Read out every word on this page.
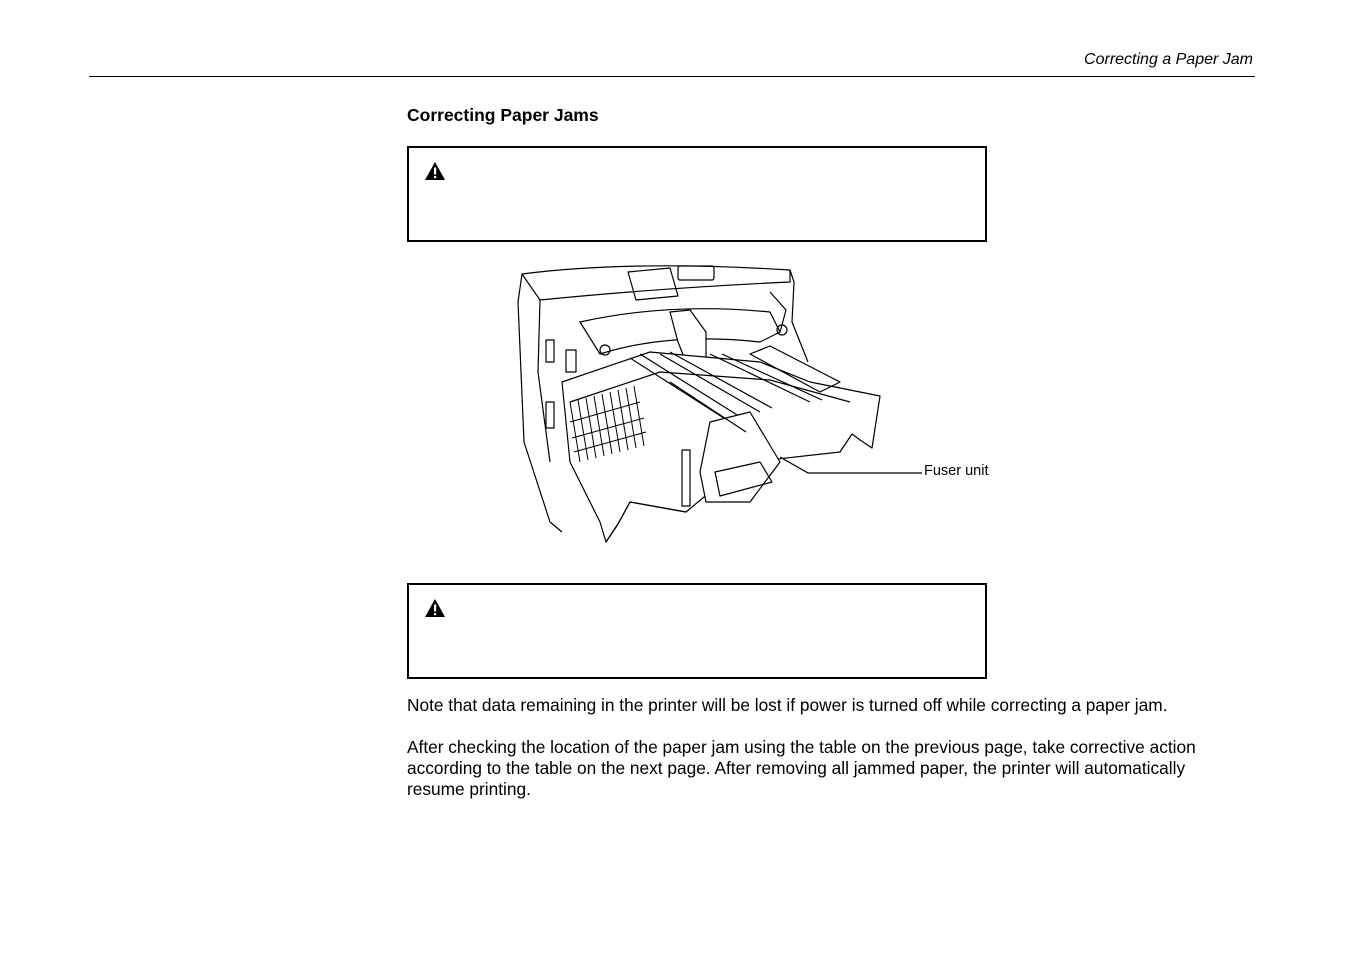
Correcting a Paper Jam
Correcting Paper Jams
Fuser unit

Note that data remaining in the printer will be lost if power is turned off while correcting a paper jam.

After checking the location of the paper jam using the table on the previous page, take corrective action according to the table on the next page. After removing all jammed paper, the printer will automatically resume printing.
